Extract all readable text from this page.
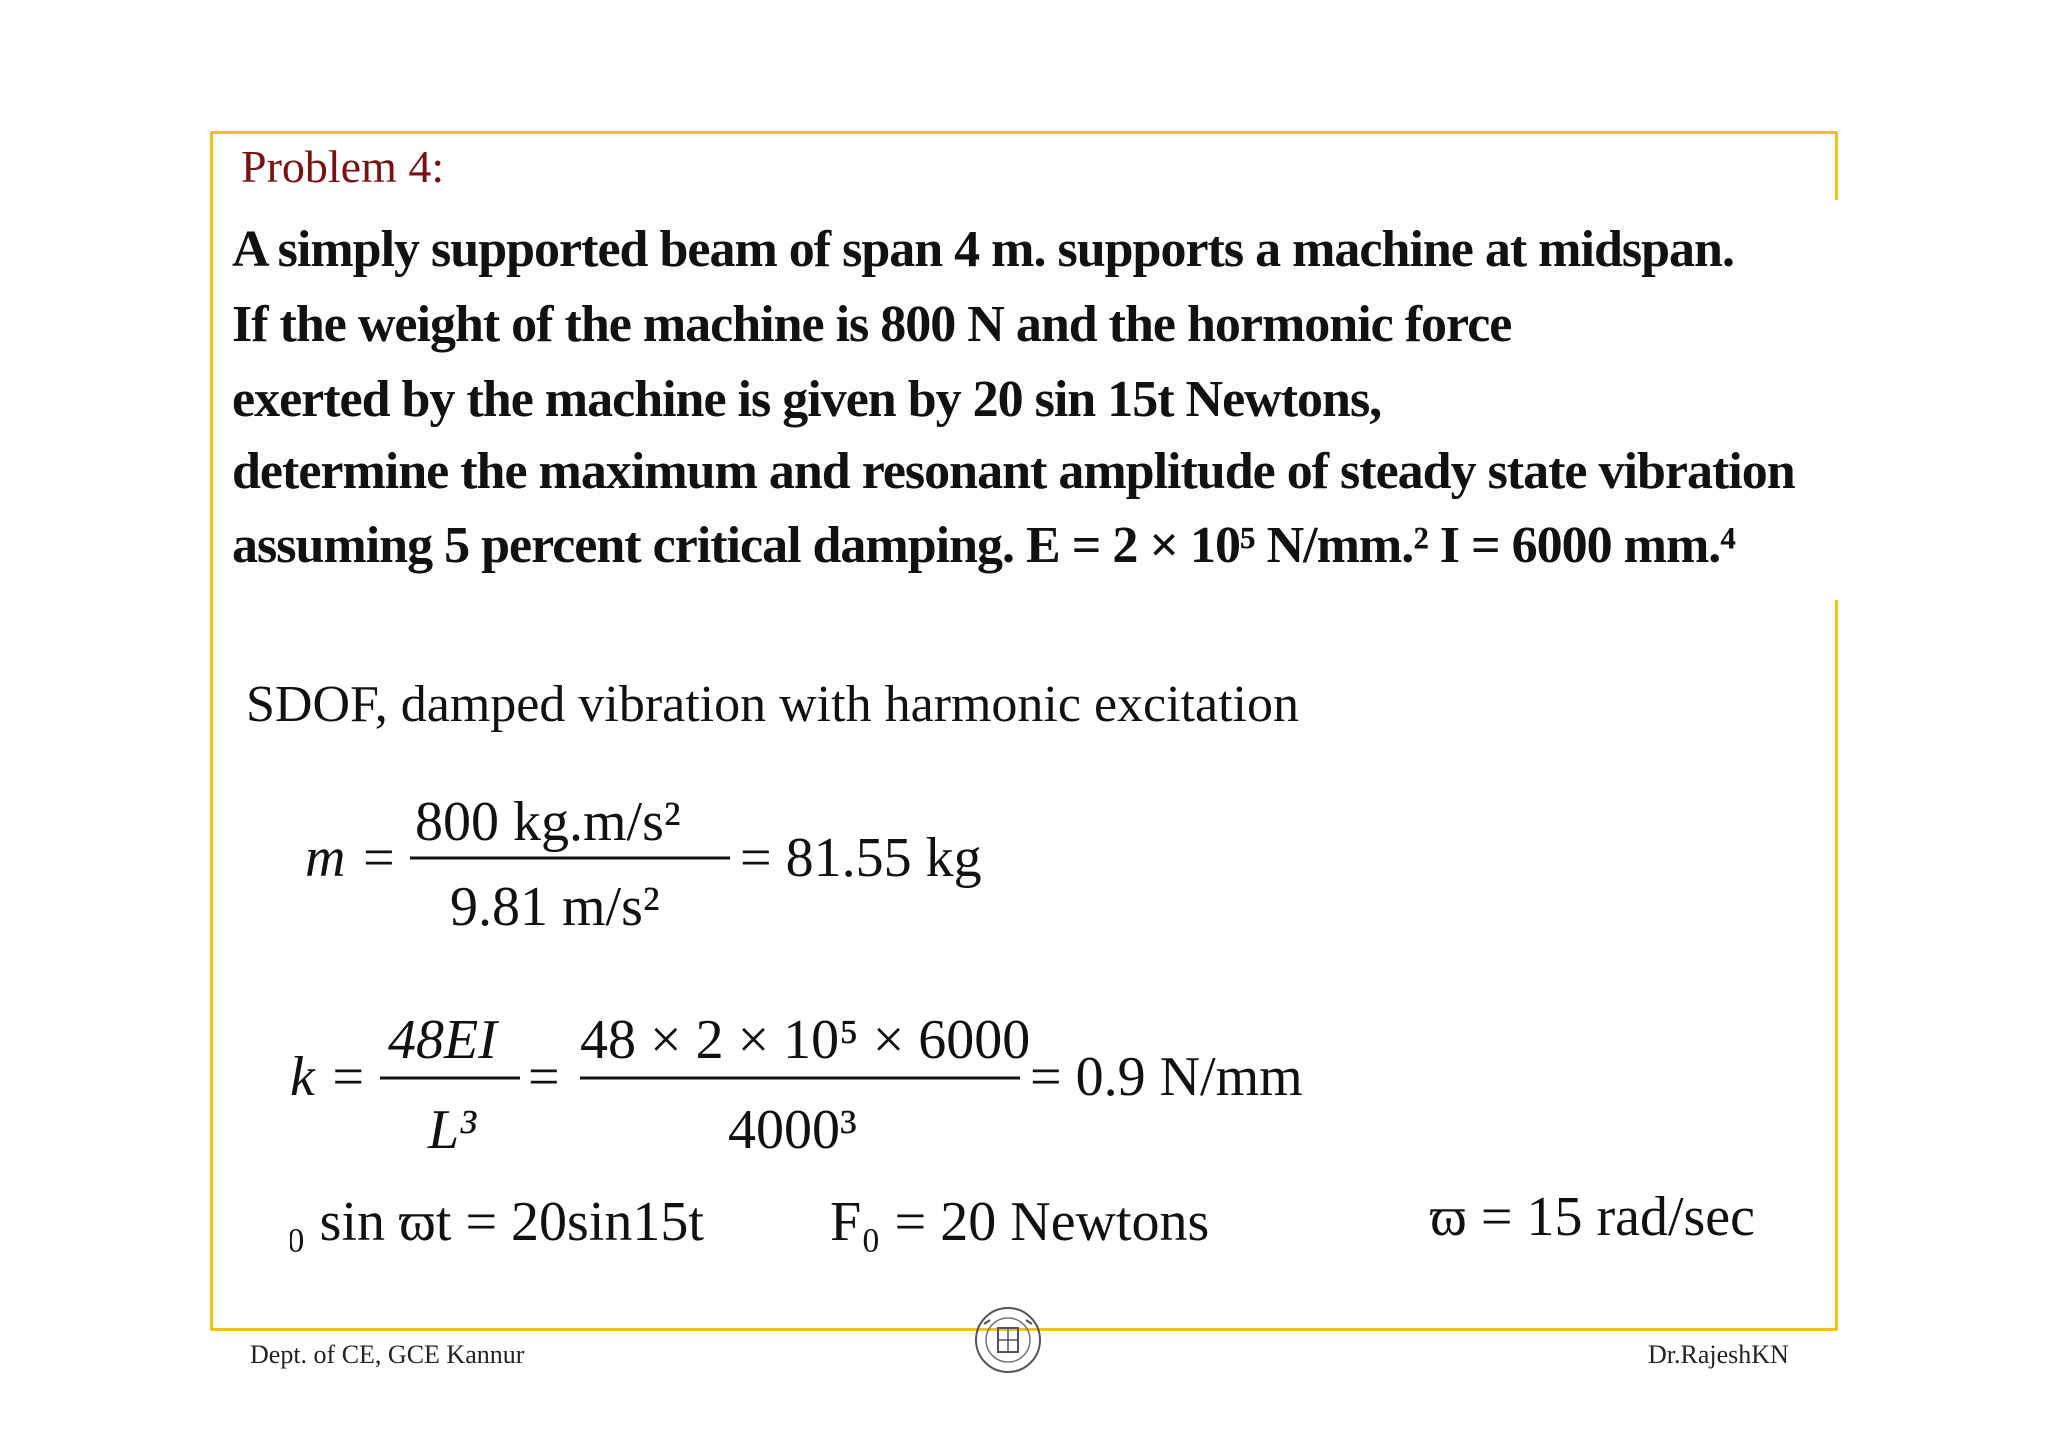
Problem 4:
A simply supported beam of span 4 m. supports a machine at midspan.
If the weight of the machine is 800 N and the hormonic force
exerted by the machine is given by 20 sin 15t Newtons,
determine the maximum and resonant amplitude of steady state vibration
assuming 5 percent critical damping. E = 2 × 10⁵ N/mm.² I = 6000 mm.⁴
SDOF, damped vibration with harmonic excitation
m =
800 kg.m/s²
9.81 m/s²
= 81.55 kg
k =
48EI
L³
=
48 × 2 × 10⁵ × 6000
4000³
= 0.9 N/mm
F₀ sin ϖt = 20sin15t F₀ = 20 Newtons	ϖ = 15 rad/sec
Dept. of CE, GCE Kannur	Dr.RajeshKN
